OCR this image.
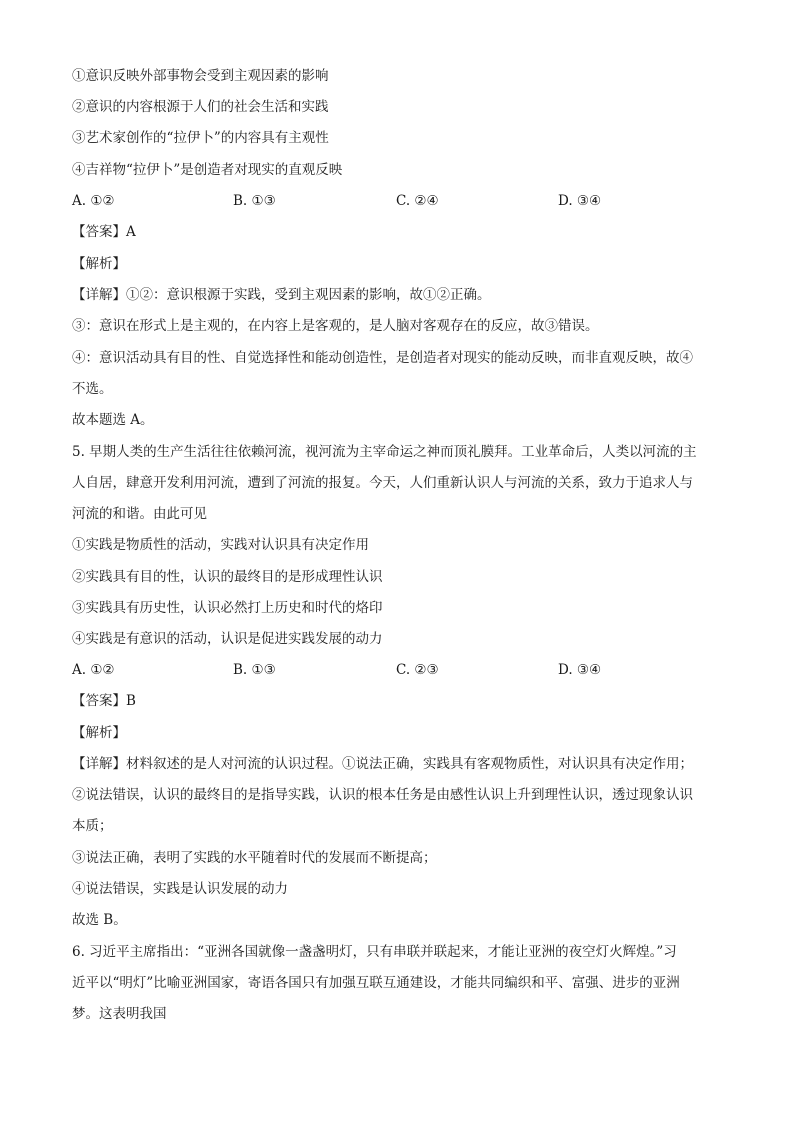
①意识反映外部事物会受到主观因素的影响
②意识的内容根源于人们的社会生活和实践
③艺术家创作的“拉伊卜”的内容具有主观性
④吉祥物“拉伊卜”是创造者对现实的直观反映
A. ①②	B. ①③	C. ②④	D. ③④
【答案】A
【解析】
【详解】①②：意识根源于实践，受到主观因素的影响，故①②正确。
③：意识在形式上是主观的，在内容上是客观的，是人脑对客观存在的反应，故③错误。
④：意识活动具有目的性、自觉选择性和能动创造性，是创造者对现实的能动反映，而非直观反映，故④
不选。
故本题选 A。
5. 早期人类的生产生活往往依赖河流，视河流为主宰命运之神而顶礼膜拜。工业革命后，人类以河流的主
人自居，肆意开发利用河流，遭到了河流的报复。今天，人们重新认识人与河流的关系，致力于追求人与
河流的和谐。由此可见
①实践是物质性的活动，实践对认识具有决定作用
②实践具有目的性，认识的最终目的是形成理性认识
③实践具有历史性，认识必然打上历史和时代的烙印
④实践是有意识的活动，认识是促进实践发展的动力
A. ①②	B. ①③	C. ②③	D. ③④
【答案】B
【解析】
【详解】材料叙述的是人对河流的认识过程。①说法正确，实践具有客观物质性，对认识具有决定作用；
②说法错误，认识的最终目的是指导实践，认识的根本任务是由感性认识上升到理性认识，透过现象认识
本质；
③说法正确，表明了实践的水平随着时代的发展而不断提高；
④说法错误，实践是认识发展的动力
故选 B。
6. 习近平主席指出：“亚洲各国就像一盏盏明灯，只有串联并联起来，才能让亚洲的夜空灯火辉煌。”习
近平以“明灯”比喻亚洲国家，寄语各国只有加强互联互通建设，才能共同编织和平、富强、进步的亚洲
梦。这表明我国
